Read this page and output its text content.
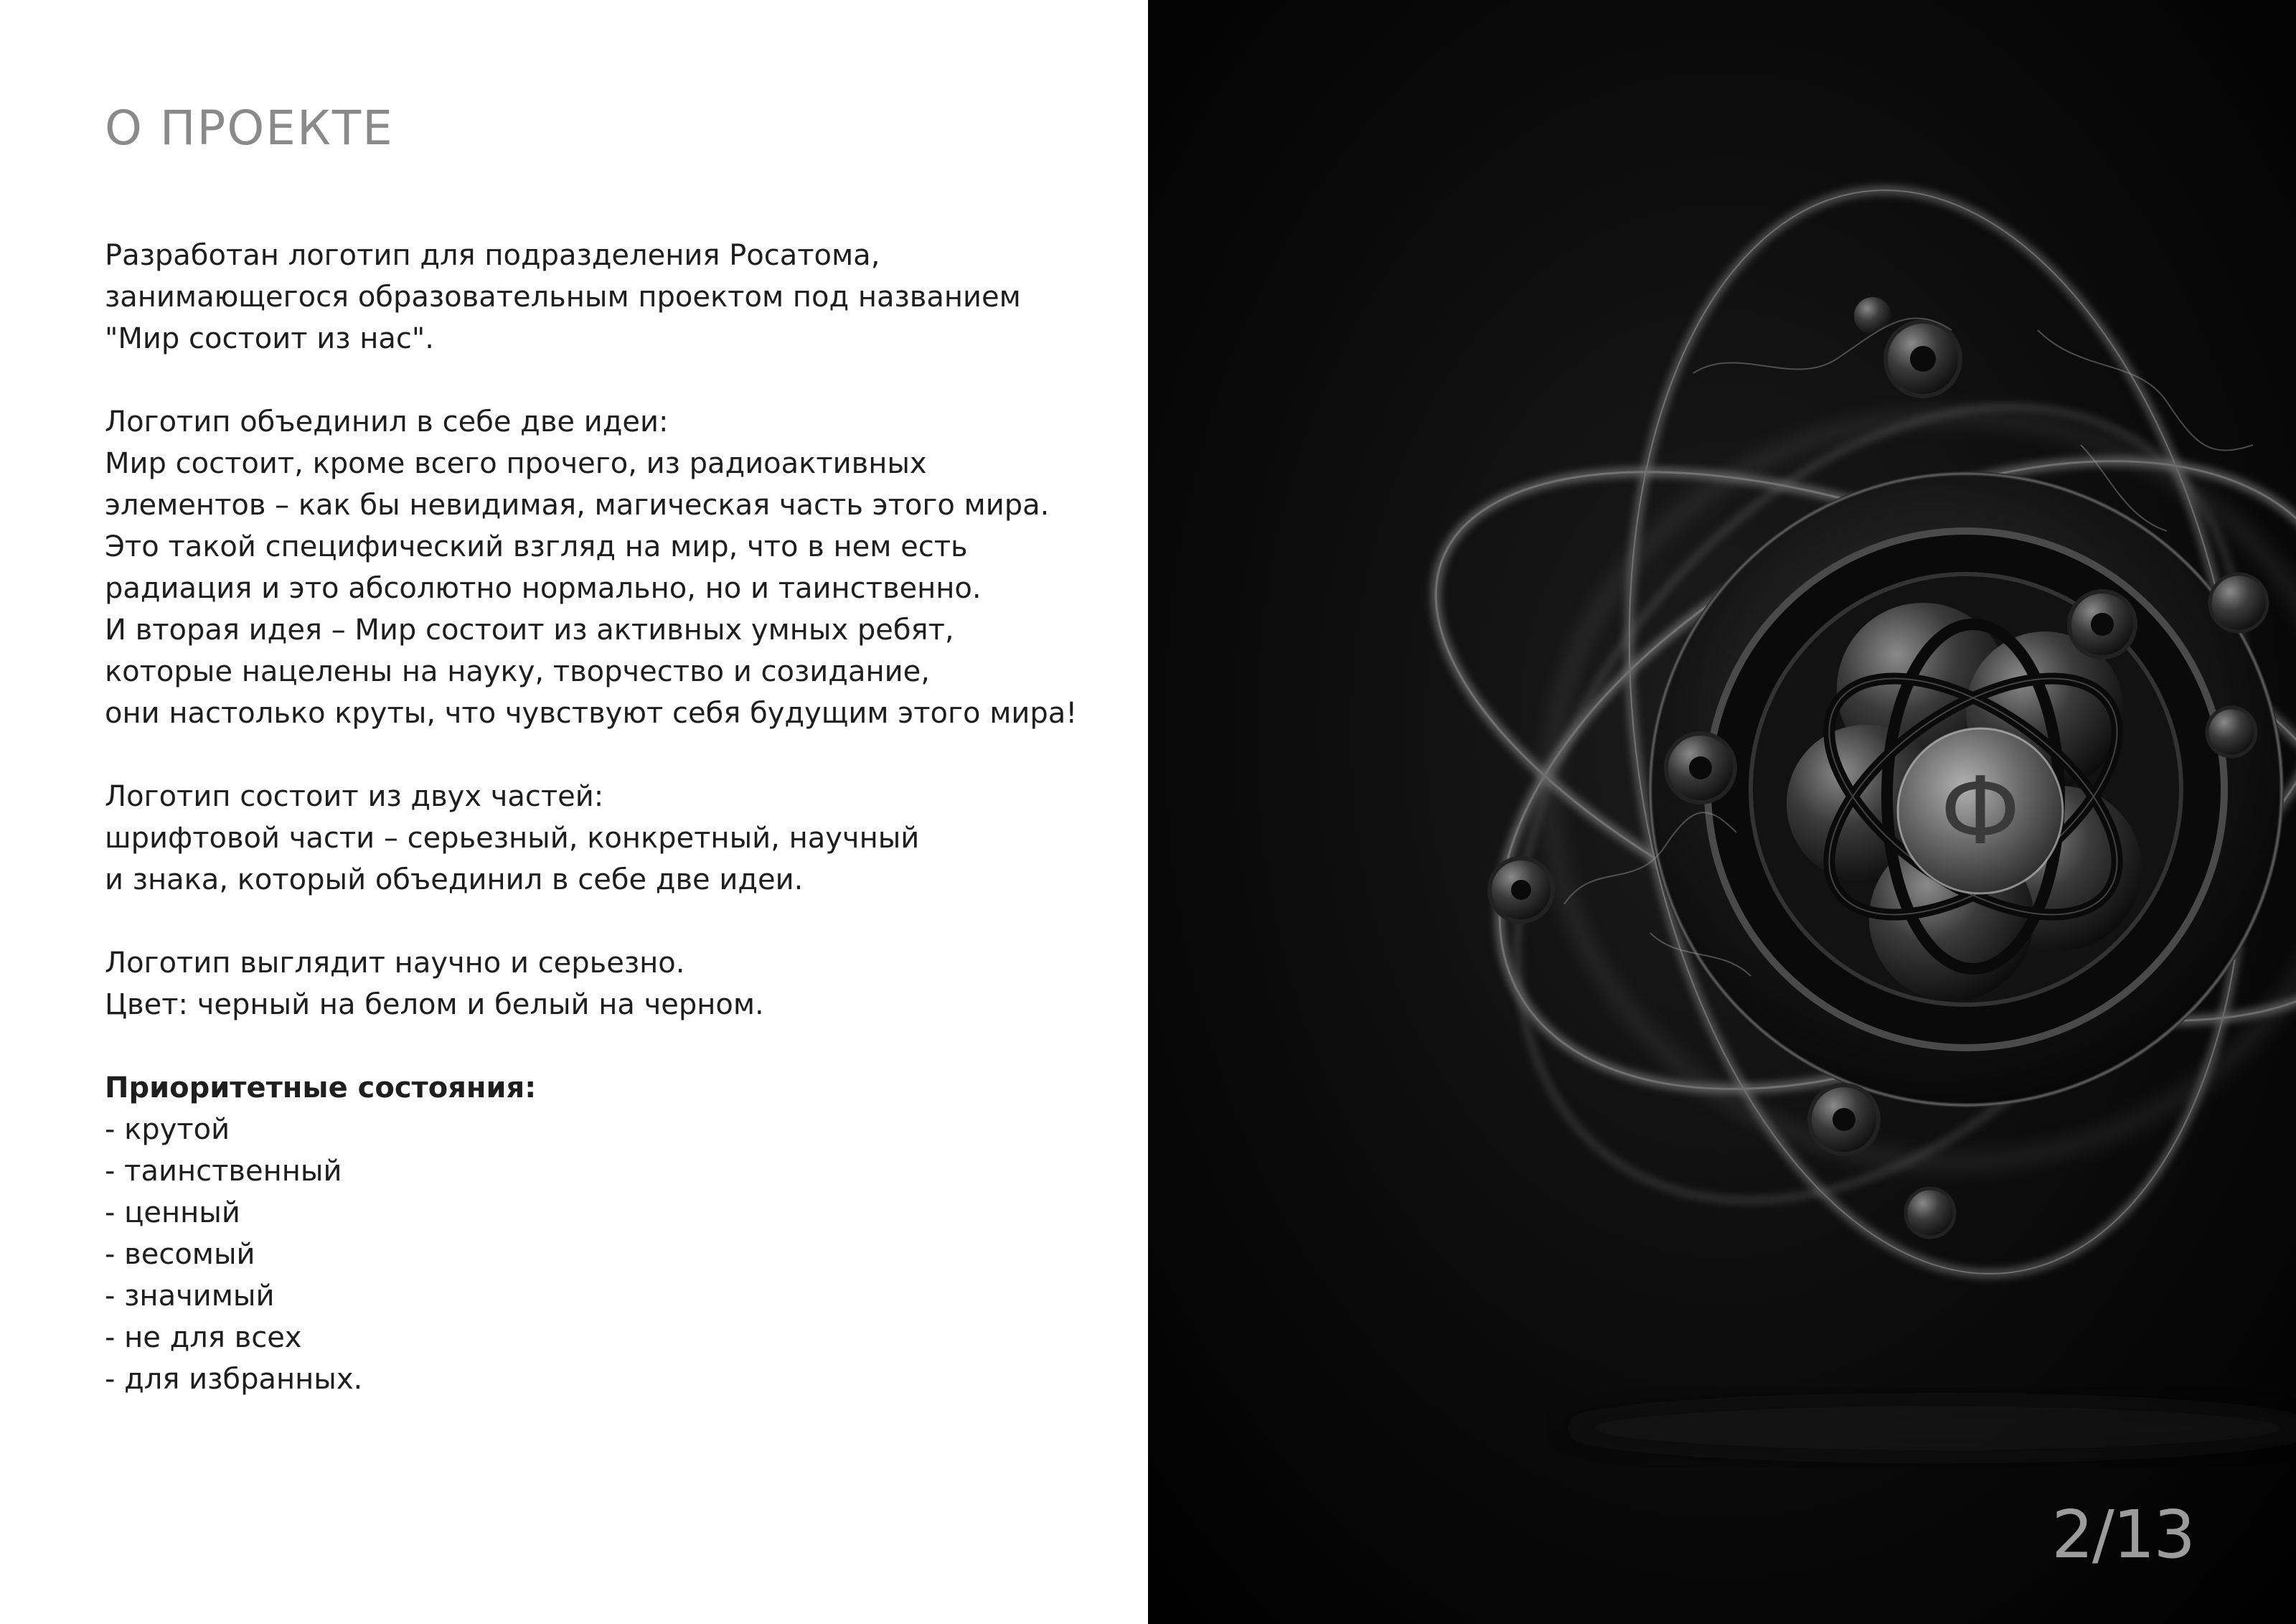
О ПРОЕКТЕ
Разработан логотип для подразделения Росатома,
занимающегося образовательным проектом под названием
"Мир состоит из нас".
Логотип объединил в себе две идеи:
Мир состоит, кроме всего прочего, из радиоактивных
элементов – как бы невидимая, магическая часть этого мира.
Это такой специфический взгляд на мир, что в нем есть
радиация и это абсолютно нормально, но и таинственно.
И вторая идея – Мир состоит из активных умных ребят,
которые нацелены на науку, творчество и созидание,
они настолько круты, что чувствуют себя будущим этого мира!
Логотип состоит из двух частей:
шрифтовой части – серьезный, конкретный, научный
и знака, который объединил в себе две идеи.
Логотип выглядит научно и серьезно.
Цвет: черный на белом и белый на черном.
Приоритетные состояния:
- крутой
- таинственный
- ценный
- весомый
- значимый
- не для всех
- для избранных.
Ф
2/13
